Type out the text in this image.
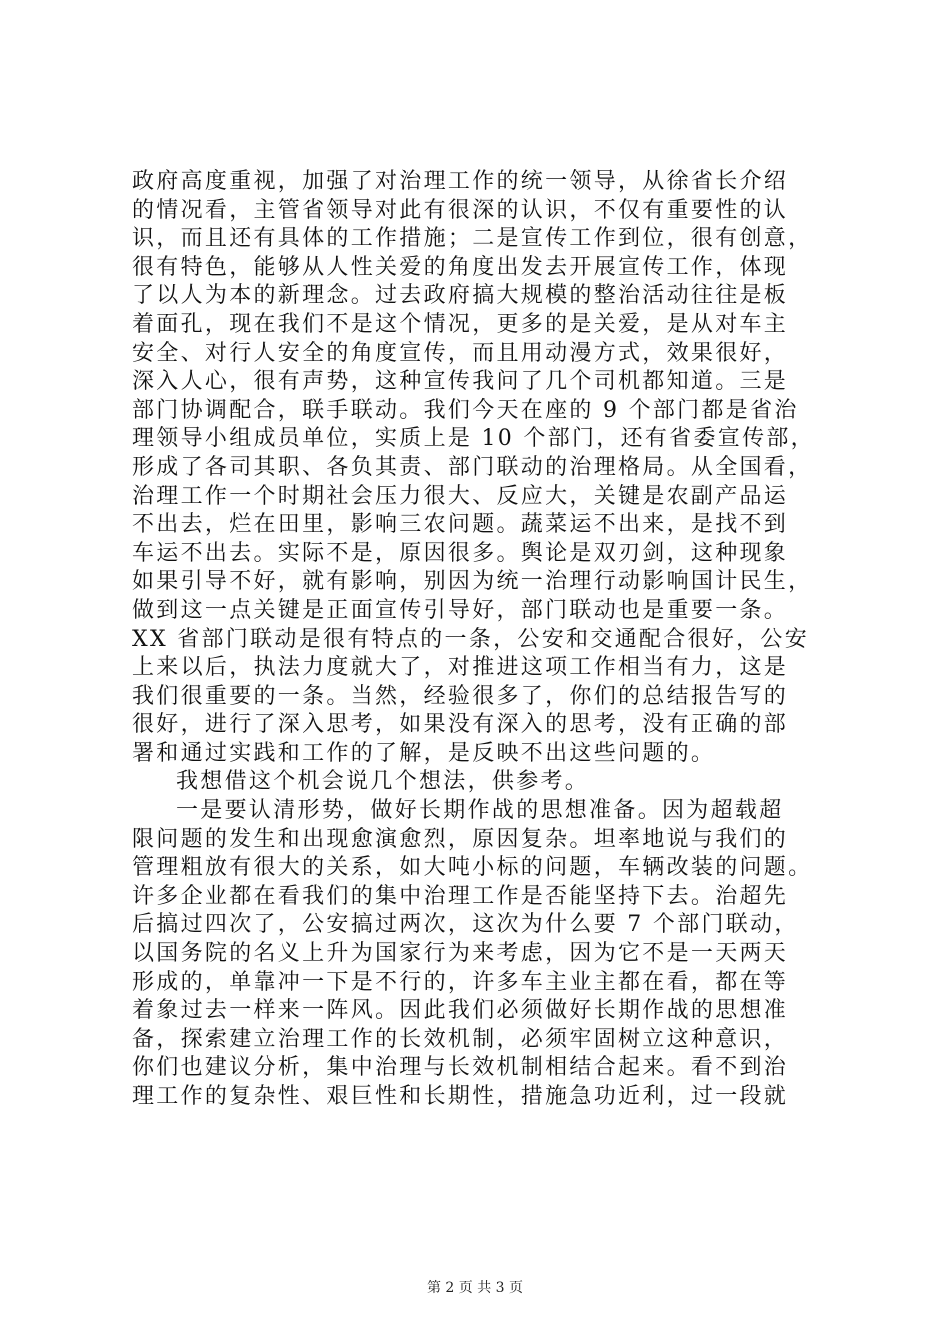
政府高度重视，加强了对治理工作的统一领导，从徐省长介绍
的情况看，主管省领导对此有很深的认识，不仅有重要性的认
识，而且还有具体的工作措施；二是宣传工作到位，很有创意，
很有特色，能够从人性关爱的角度出发去开展宣传工作，体现
了以人为本的新理念。过去政府搞大规模的整治活动往往是板
着面孔，现在我们不是这个情况，更多的是关爱，是从对车主
安全、对行人安全的角度宣传，而且用动漫方式，效果很好，
深入人心，很有声势，这种宣传我问了几个司机都知道。三是
部门协调配合，联手联动。我们今天在座的 9 个部门都是省治
理领导小组成员单位，实质上是 10 个部门，还有省委宣传部，
形成了各司其职、各负其责、部门联动的治理格局。从全国看，
治理工作一个时期社会压力很大、反应大，关键是农副产品运
不出去，烂在田里，影响三农问题。蔬菜运不出来，是找不到
车运不出去。实际不是，原因很多。舆论是双刃剑，这种现象
如果引导不好，就有影响，别因为统一治理行动影响国计民生，
做到这一点关键是正面宣传引导好，部门联动也是重要一条。
XX 省部门联动是很有特点的一条，公安和交通配合很好，公安
上来以后，执法力度就大了，对推进这项工作相当有力，这是
我们很重要的一条。当然，经验很多了，你们的总结报告写的
很好，进行了深入思考，如果没有深入的思考，没有正确的部
署和通过实践和工作的了解，是反映不出这些问题的。
我想借这个机会说几个想法，供参考。
一是要认清形势，做好长期作战的思想准备。因为超载超
限问题的发生和出现愈演愈烈，原因复杂。坦率地说与我们的
管理粗放有很大的关系，如大吨小标的问题，车辆改装的问题。
许多企业都在看我们的集中治理工作是否能坚持下去。治超先
后搞过四次了，公安搞过两次，这次为什么要 7 个部门联动，
以国务院的名义上升为国家行为来考虑，因为它不是一天两天
形成的，单靠冲一下是不行的，许多车主业主都在看，都在等
着象过去一样来一阵风。因此我们必须做好长期作战的思想准
备，探索建立治理工作的长效机制，必须牢固树立这种意识，
你们也建议分析，集中治理与长效机制相结合起来。看不到治
理工作的复杂性、艰巨性和长期性，措施急功近利，过一段就
第 2 页 共 3 页
